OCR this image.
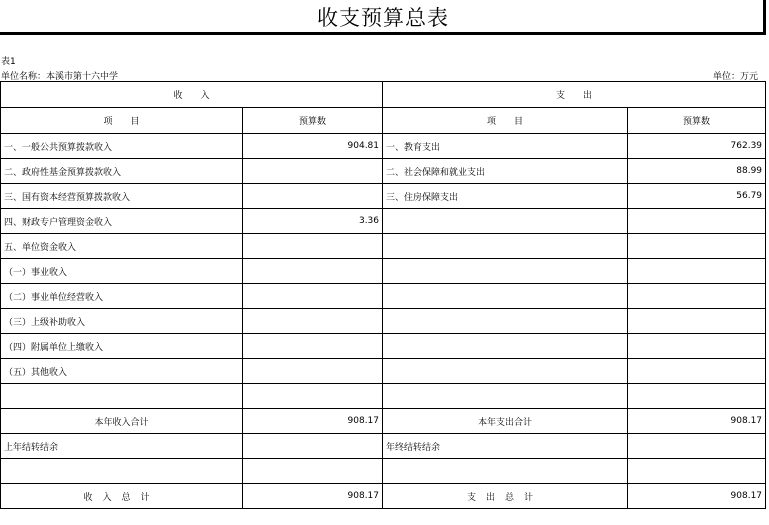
收支预算总表
表1
单位名称：本溪市第十六中学	单位：万元
收　　入		支　　出	
项　　目	预算数	项　　目	预算数
一、一般公共预算拨款收入	904.81	一、教育支出	762.39
二、政府性基金预算拨款收入		二、社会保障和就业支出	88.99
三、国有资本经营预算拨款收入		三、住房保障支出	56.79
四、财政专户管理资金收入	3.36		
五、单位资金收入			
（一）事业收入			
（二）事业单位经营收入			
（三）上级补助收入			
（四）附属单位上缴收入			
（五）其他收入			

本年收入合计	908.17	本年支出合计	908.17
上年结转结余		年终结转结余	

收入总计	908.17	支出总计	908.17
